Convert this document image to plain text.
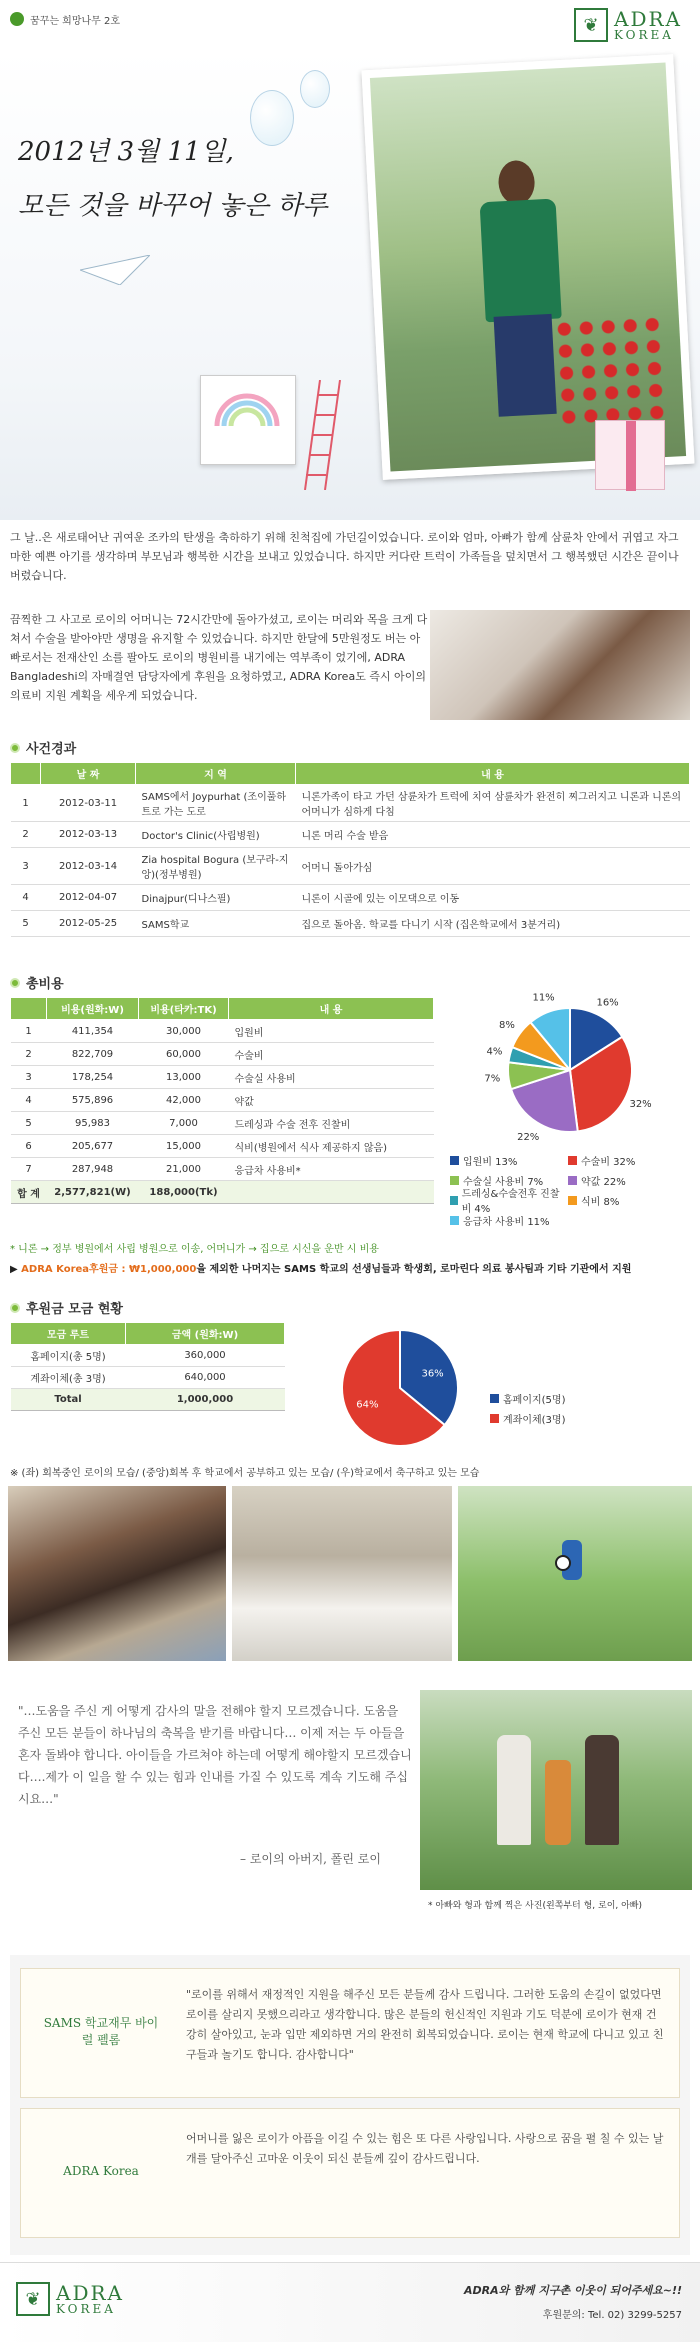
꿈꾸는 희망나무 2호	❦ ADRA
KOREA
2012년 3월 11일,
모든 것을 바꾸어 놓은 하루
그 날..은 새로태어난 귀여운 조카의 탄생을 축하하기 위해 친척집에 가던길이었습니다. 로이와 엄마, 아빠가 함께 삼륜차 안에서 귀엽고 자그마한 예쁜 아기를 생각하며 부모님과 행복한 시간을 보내고 있었습니다. 하지만 커다란 트럭이 가족들을 덮치면서 그 행복했던 시간은 끝이나버렸습니다.
끔찍한 그 사고로 로이의 어머니는 72시간만에 돌아가셨고, 로이는 머리와 목을 크게 다쳐서 수술을 받아야만 생명을 유지할 수 있었습니다. 하지만 한달에 5만원정도 버는 아빠로서는 전재산인 소를 팔아도 로이의 병원비를 내기에는 역부족이 었기에, ADRA Bangladeshi의 자매결연 담당자에게 후원을 요청하였고, ADRA Korea도 즉시 아이의 의료비 지원 계획을 세우게 되었습니다.
사건경과
	날 짜	지 역	내 용
1	2012-03-11	SAMS에서 Joypurhat (조이풀하트로 가는 도로	니론가족이 타고 가던 삼륜차가 트럭에 치여 삼륜차가 완전히 찌그러지고 니론과 니론의 어머니가 심하게 다침
2	2012-03-13	Doctor's Clinic(사립병원)	니론 머리 수술 받음
3	2012-03-14	Zia hospital Bogura (보구라-지앙)(정부병원)	어머니 돌아가심
4	2012-04-07	Dinajpur(디나스필)	니론이 시골에 있는 이모댁으로 이동
5	2012-05-25	SAMS학교	집으로 돌아옴. 학교를 다니기 시작 (집은학교에서 3분거리)
총비용
	비용(원화:W)	비용(타카:TK)	내 용
1	411,354	30,000	입원비
2	822,709	60,000	수술비
3	178,254	13,000	수술실 사용비
4	575,896	42,000	약값
5	95,983	7,000	드레싱과 수술 전후 진찰비
6	205,677	15,000	식비(병원에서 식사 제공하지 않음)
7	287,948	21,000	응급차 사용비*
합 계	2,577,821(W)	188,000(Tk)	
16%
32%
22%
7%
4%
8%
11%
입원비 13%	수술비 32%
수술실 사용비 7%	약값 22%
드레싱&수술전후 진찰비 4%
식비 8%
응급차 사용비 11%
* 니론 → 정부 병원에서 사립 병원으로 이송, 어머니가 → 집으로 시신을 운반 시 비용
▶ ADRA Korea후원금 : ₩1,000,000을 제외한 나머지는 SAMS 학교의 선생님들과 학생회, 로마린다 의료 봉사팀과 기타 기관에서 지원
후원금 모금 현황
모금 루트	금액 (원화:W)
홈페이지(총 5명)	360,000
계좌이체(총 3명)	640,000
Total	1,000,000
36%
64%	홈페이지(5명)
계좌이체(3명)
※ (좌) 회복중인 로이의 모습/ (중앙)회복 후 학교에서 공부하고 있는 모습/ (우)학교에서 축구하고 있는 모습
"…도움을 주신 게 어떻게 감사의 말을 전해야 할지 모르겠습니다. 도움을 주신 모든 분들이 하나님의 축복을 받기를 바랍니다… 이제 저는 두 아들을 혼자 돌봐야 합니다. 아이들을 가르쳐야 하는데 어떻게 해야할지 모르겠습니다….제가 이 일을 할 수 있는 힘과 인내를 가질 수 있도록 계속 기도해 주십시요…"
– 로이의 아버지, 폴린 로이
* 아빠와 형과 함께 찍은 사진(왼쪽부터 형, 로이, 아빠)
SAMS 학교재무 바이럴 펠롬
"로이를 위해서 재정적인 지원을 해주신 모든 분들께 감사 드립니다. 그러한 도움의 손길이 없었다면 로이를 살리지 못했으리라고 생각합니다. 많은 분들의 헌신적인 지원과 기도 덕분에 로이가 현재 건강히 살아있고, 눈과 입만 제외하면 거의 완전히 회복되었습니다. 로이는 현재 학교에 다니고 있고 친구들과 놀기도 합니다. 감사합니다"
ADRA Korea
어머니를 잃은 로이가 아픔을 이길 수 있는 힘은 또 다른 사랑입니다. 사랑으로 꿈을 펼 칠 수 있는 날개를 달아주신 고마운 이웃이 되신 분들께 깊이 감사드립니다.
❦ ADRA
KOREA
ADRA와 함께 지구촌 이웃이 되어주세요~!!
후원문의: Tel. 02) 3299-5257
